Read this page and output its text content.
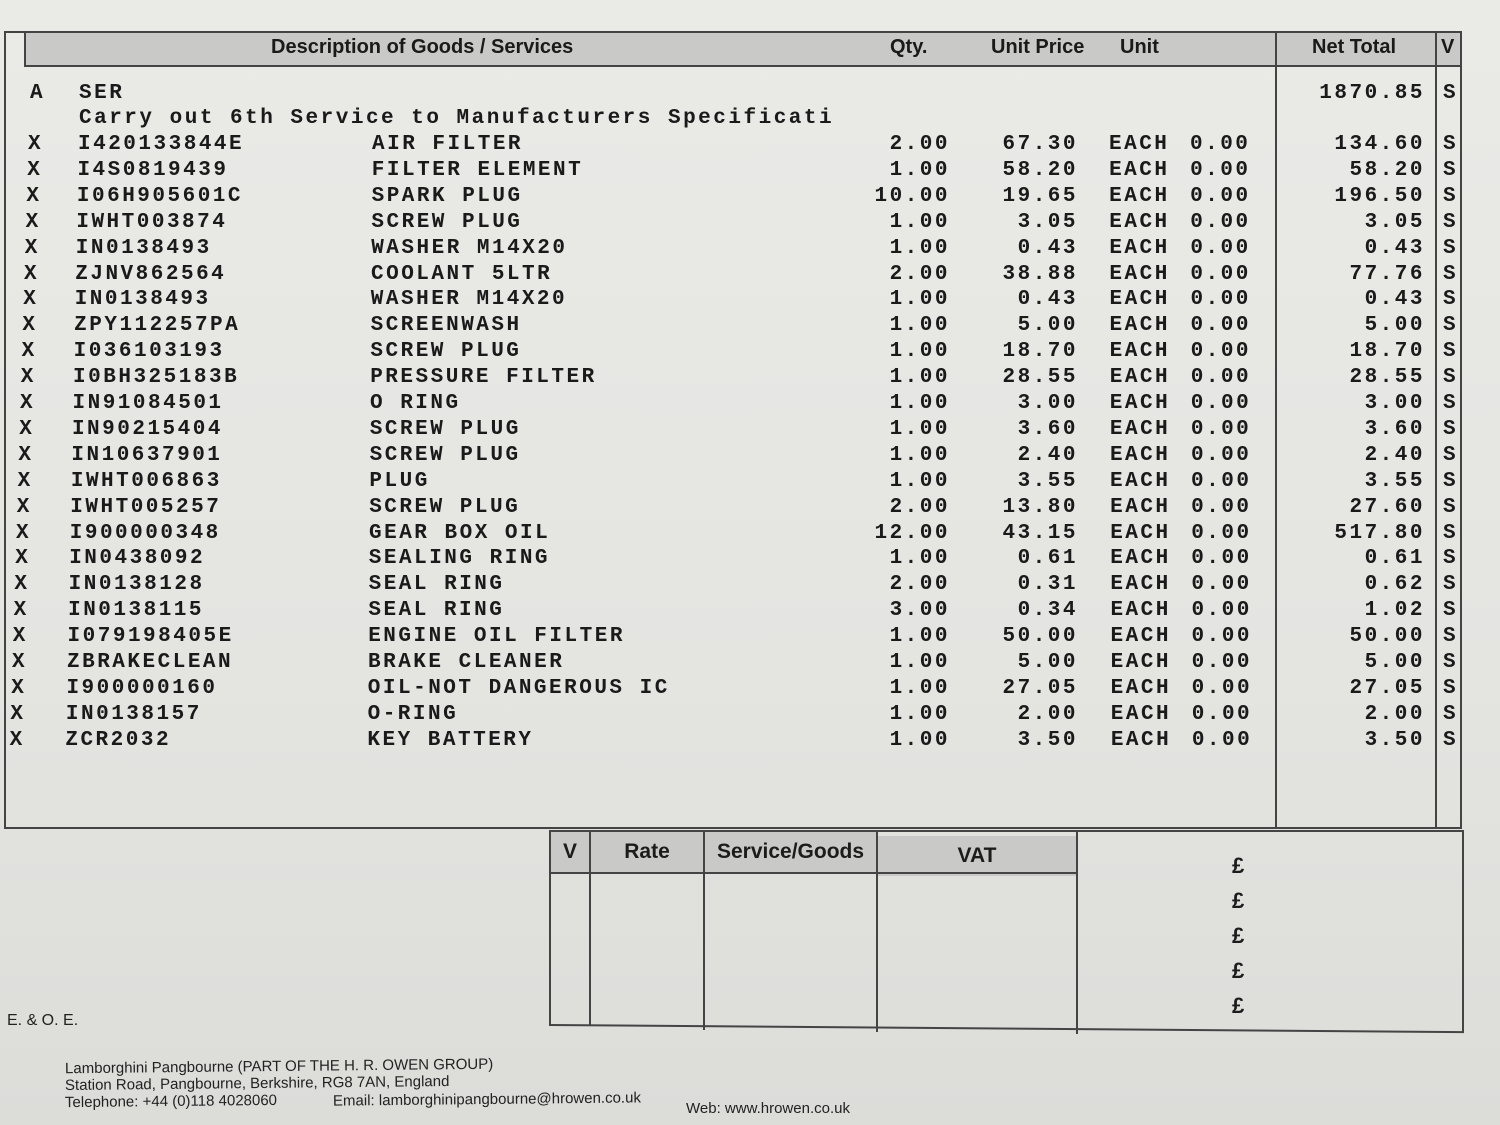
Description of Goods / Services	Qty.	Unit Price Unit	Net Total V
A SER	1870.85 S
Carry out 6th Service to Manufacturers Specificati
X I420133844E	AIR FILTER	2.00	67.30 EACH 0.00	134.60 S
X I4S0819439	FILTER ELEMENT	1.00	58.20 EACH 0.00	58.20 S
X I06H905601C	SPARK PLUG	10.00	19.65 EACH 0.00	196.50 S
X IWHT003874	SCREW PLUG	1.00	3.05 EACH 0.00	3.05 S
X IN0138493	WASHER M14X20	1.00	0.43 EACH 0.00	0.43 S
X ZJNV862564	COOLANT 5LTR	2.00	38.88 EACH 0.00	77.76 S
X IN0138493	WASHER M14X20	1.00	0.43 EACH 0.00	0.43 S
X ZPY112257PA	SCREENWASH	1.00	5.00 EACH 0.00	5.00 S
X I036103193	SCREW PLUG	1.00	18.70 EACH 0.00	18.70 S
X I0BH325183B	PRESSURE FILTER	1.00	28.55 EACH 0.00	28.55 S
X IN91084501	O RING	1.00	3.00 EACH 0.00	3.00 S
X IN90215404	SCREW PLUG	1.00	3.60 EACH 0.00	3.60 S
X IN10637901	SCREW PLUG	1.00	2.40 EACH 0.00	2.40 S
X IWHT006863	PLUG	1.00	3.55 EACH 0.00	3.55 S
X IWHT005257	SCREW PLUG	2.00	13.80 EACH 0.00	27.60 S
X I900000348	GEAR BOX OIL	12.00	43.15 EACH 0.00	517.80 S
X IN0438092	SEALING RING	1.00	0.61 EACH 0.00	0.61 S
X IN0138128	SEAL RING	2.00	0.31 EACH 0.00	0.62 S
X IN0138115	SEAL RING	3.00	0.34 EACH 0.00	1.02 S
X I079198405E	ENGINE OIL FILTER	1.00	50.00 EACH 0.00	50.00 S
X ZBRAKECLEAN	BRAKE CLEANER	1.00	5.00 EACH 0.00	5.00 S
X I900000160	OIL-NOT DANGEROUS IC	1.00	27.05 EACH 0.00	27.05 S
X IN0138157	O-RING	1.00	2.00 EACH 0.00	2.00 S
X ZCR2032	KEY BATTERY	1.00	3.50 EACH 0.00	3.50 S
V	Rate	Service/Goods	VAT	£
£
£
£
£
E. & O. E.
Lamborghini Pangbourne (PART OF THE H. R. OWEN GROUP)
Station Road, Pangbourne, Berkshire, RG8 7AN, England
Telephone: +44 (0)118 4028060	Email: lamborghinipangbourne@hrowen.co.uk	Web: www.hrowen.co.uk
